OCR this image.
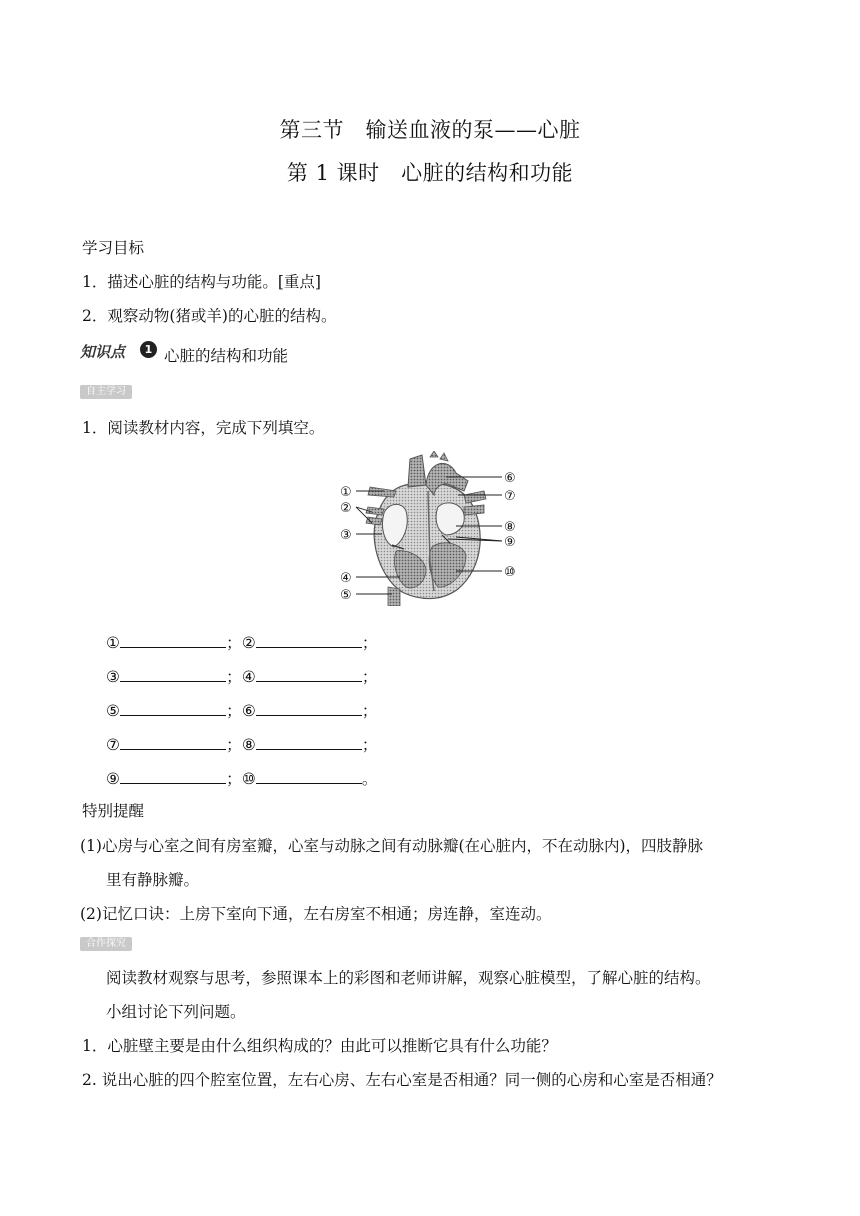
第三节　输送血液的泵——心脏
第 1 课时　心脏的结构和功能
学习目标
1．描述心脏的结构与功能。[重点]
2．观察动物(猪或羊)的心脏的结构。
知识点	1 心脏的结构和功能
自主学习
1．阅读教材内容，完成下列填空。
①
②
③
④
⑤
⑥
⑦
⑧
⑨
⑩
①	；②	；
③	；④	；
⑤	；⑥	；
⑦	；⑧	；
⑨	；⑩	。
特别提醒
(1)心房与心室之间有房室瓣，心室与动脉之间有动脉瓣(在心脏内，不在动脉内)，四肢静脉
里有静脉瓣。
(2)记忆口诀：上房下室向下通，左右房室不相通；房连静，室连动。
合作探究
阅读教材观察与思考，参照课本上的彩图和老师讲解，观察心脏模型，了解心脏的结构。
小组讨论下列问题。
1．心脏壁主要是由什么组织构成的？由此可以推断它具有什么功能？
2. 说出心脏的四个腔室位置，左右心房、左右心室是否相通？同一侧的心房和心室是否相通？
